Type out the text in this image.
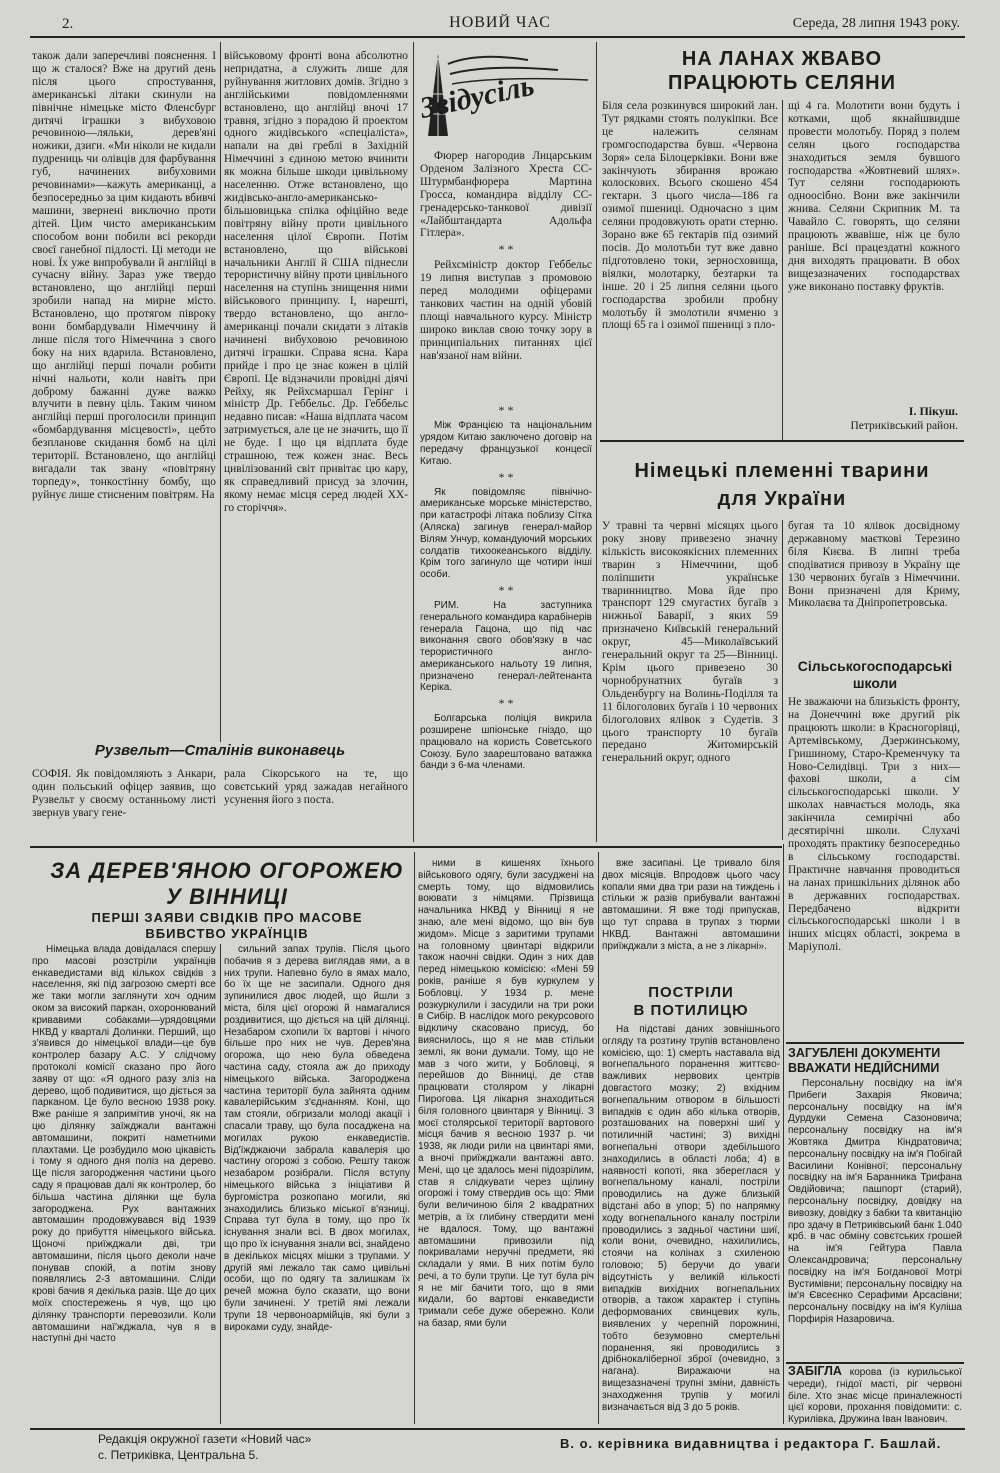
2.	НОВИЙ ЧАС	Середа, 28 липня 1943 року.
також дали заперечливі пояснення. І що ж сталося? Вже на другий день після цього спростування, американські літаки скинули на північне німецьке місто Фленсбург дитячі іграшки з вибуховою речовиною—ляльки, дерев'яні ножики, дзиги. «Ми ніколи не кидали пудрениць чи олівців для фарбування губ, начинених вибуховими речовинами»—кажуть американці, а безпосередньо за цим кидають вбивчі машини, звернені виключно проти дітей. Цим чисто американським способом вони побили всі рекорди своєї ганебної підлості. Ці методи не нові. Їх уже випробували й англійці в сучасну війну. Зараз уже твердо встановлено, що англійці перші зробили напад на мирне місто. Встановлено, що протягом півроку вони бомбардували Німеччину й лише після того Німеччина з свого боку на них вдарила. Встановлено, що англійці перші почали робити нічні нальоти, коли навіть при доброму бажанні дуже важко влучити в певну ціль. Таким чином англійці перші проголосили принцип «бомбардування місцевості», цебто безпланове скидання бомб на цілі території. Встановлено, що англійці вигадали так звану «повітряну торпеду», тонкостінну бомбу, що руйнує лише стисненим повітрям. На
військовому фронті вона абсолютно непридатна, а служить лише для руйнування житлових домів. Згідно з англійськими повідомленнями встановлено, що англійці вночі 17 травня, згідно з порадою й проектом одного жидівського «спеціаліста», напали на дві греблі в Західній Німеччині з єдиною метою вчинити як можна більше шкоди цивільному населенню. Отже встановлено, що жидівсько-англо-американсько-більшовицька спілка офіційно веде повітряну війну проти цивільного населення цілої Європи. Потім встановлено, що військові начальники Англії й США піднесли терористичну війну проти цивільного населення на ступінь знищення ними військового принципу. І, нарешті, твердо встановлено, що англо-американці почали скидати з літаків начинені вибуховою речовиною дитячі іграшки. Справа ясна. Кара прийде і про це знає кожен в цілій Європі. Це відзначили провідні діячі Рейху, як Рейхсмаршал Герінг і міністр Др. Геббельс. Др. Геббельс недавно писав: «Наша відплата часом затримується, але це не значить, що її не буде. І що ця відплата буде страшною, теж кожен знає. Весь цивілізований світ привітає цю кару, як справедливий присуд за злочин, якому немає місця серед людей XX-го сторіччя».
Рузвельт—Сталінів виконавець
СОФІЯ. Як повідомляють з Анкари, один польський офіцер заявив, що Рузвельт у своєму останньому листі звернув увагу гене-
рала Сікорського на те, що совєтський уряд зажадав негайного усунення його з поста.
Звідусіль
Фюрер нагородив Лицарським Орденом Залізного Хреста СС-Штурмбанфюрера Мартина Гросса, командира відділу СС-гренадерсько-танкової дивізії «Лайбштандарта Адольфа Гітлера».
* *
Рейхсміністр доктор Геббельс 19 липня виступав з промовою перед молодими офіцерами танкових частин на одній убовій площі навчального курсу. Міністр широко виклав свою точку зору в принципіальних питаннях цієї нав'язаної нам війни.
* *
Між Францією та національним урядом Китаю заключено договір на передачу французької концесії Китаю.
* *
Як повідомляє північно-американське морське міністерство, при катастрофі літака поблизу Сітка (Аляска) загинув генерал-майор Вілям Унчур, командуючий морських солдатів тихоокеанського відділу. Крім того загинуло ще чотири інші особи.
* *
РИМ. На заступника генерального командира карабінерів генерала Гацона, що під час виконання свого обов'язку в час терористичного англо-американського нальоту 19 липня, призначено генерал-лейтенанта Керіка.
* *
Болгарська поліція викрила розширене шпіонське гніздо, що працювало на користь Советського Союзу. Було заарештовано ватажка банди з 6-ма членами.
НА ЛАНАХ ЖВАВО
ПРАЦЮЮТЬ СЕЛЯНИ
Біля села розкинувся широкий лан. Тут рядками стоять полукіпки. Все це належить селянам громгосподарства бувш. «Червона Зоря» села Білоцерківки. Вони вже закінчують збирання врожаю колоскових. Всього скошено 454 гектари. З цього числа—186 га озимої пшениці. Одночасно з цим селяни продовжують орати стерню. Зорано вже 65 гектарів під озимий посів. До молотьби тут вже давно підготовлено токи, зерносховища, віялки, молотарку, безтарки та інше. 20 і 25 липня селяни цього господарства зробили пробну молотьбу й змолотили ячменю з площі 65 га і озимої пшениці з пло-
щі 4 га. Молотити вони будуть і котками, щоб якнайшвидше провести молотьбу. Поряд з полем селян цього господарства знаходиться земля бувшого господарства «Жовтневий шлях». Тут селяни господарюють одноосібно. Вони вже закінчили жнива. Селяни Скрипник М. та Чавайло С. говорять, що селяни працюють жвавіше, ніж це було раніше. Всі працездатні кожного дня виходять працювати. В обох вищезазначених господарствах уже виконано поставку фруктів.
І. Пікуш.
Петриківський район.
Німецькі племенні тварини
для України
У травні та червні місяцях цього року знову привезено значну кількість високоякісних племенних тварин з Німеччини, щоб поліпшити українське тваринництво. Мова йде про транспорт 129 смугастих бугаїв з нижньої Баварії, з яких 59 призначено Київській генеральний округ, 45—Миколаївський генеральний округ та 25—Вінниці. Крім цього привезено 30 чорнобрунатних бугаїв з Ольденбургу на Волинь-Поділля та 11 білоголових бугаїв і 10 червоних білоголових ялівок з Судетів. З цього транспорту 10 бугаїв передано Житомирській генеральний округ, одного
бугая та 10 ялівок досвідному державному маєткові Терезино біля Києва. В липні треба сподіватися привозу в Україну ще 130 червоних бугаїв з Німеччини. Вони призначені для Криму, Миколаєва та Дніпропетровська.
Сільськогосподарські школи
Не зважаючи на близькість фронту, на Донеччині вже другий рік працюють школи: в Красногорівці, Артемівському, Дзержинському, Гришиному, Старо-Кременчуку та Ново-Селидівці. Три з них—фахові школи, а сім сільськогосподарські школи. У школах навчається молодь, яка закінчила семирічні або десятирічні школи. Слухачі проходять практику безпосередньо в сільському господарстві. Практичне навчання проводиться на ланах пришкільних ділянок або в державних господарствах. Передбачено відкрити сільськогосподарські школи і в інших місцях області, зокрема в Маріуполі.
ЗА ДЕРЕВ'ЯНОЮ ОГОРОЖЕЮ
У ВІННИЦІ
ПЕРШІ ЗАЯВИ СВІДКІВ ПРО МАСОВЕ
ВБИВСТВО УКРАЇНЦІВ
Німецька влада довідалася спершу про масові розстріли українців енкаведистами від кількох свідків з населення, які під загрозою смерті все же таки могли заглянути хоч одним оком за високий паркан, охоронюваний кривавими собаками—урядовцями НКВД у кварталі Долинки. Перший, що з'явився до німецької влади—це був контролер базару А.С. У слідчому протоколі комісії сказано про його заяву от що: «Я одного разу зліз на дерево, щоб подивитися, що діється за парканом. Це було весною 1938 року. Вже раніше я запримітив уночі, як на цю ділянку заїжджали вантажні автомашини, покриті наметними плахтами. Це розбудило мою цікавість і тому я одного дня поліз на дерево. Ще після загородження частини цього саду я працював далі як контролер, бо більша частина ділянки ще була загороджена. Рух вантажних автомашин продовжувався від 1939 року до прибуття німецького війська. Щоночі приїжджали дві, три автомашини, після цього деколи наче понував спокій, а потім знову появлялись 2-3 автомашини. Сліди крові бачив я декілька разів. Ще до цих моїх спостережень я чув, що цю ділянку транспорти перевозили. Коли автомашини наї'жджала, чув я в наступні дні часто
сильний запах трупів. Після цього побачив я з дерева виглядав ями, а в них трупи. Напевно було в ямах мало, бо їх ще не засипали. Одного дня зупинилися двоє людей, що йшли з міста, біля цієї огорожі й намагалися роздивитися, що діється на цій ділянці. Незабаром схопили їх вартові і нічого більше про них не чув. Дерев'яна огорожа, що нею була обведена частина саду, стояла аж до приходу німецького війська. Загороджена частина території була зайнята одним кавалерійським з'єднанням. Коні, що там стояли, обгризали молоді акації і спасали траву, що була посаджена на могилах рукою енкаведистів. Від'їжджаючи забрала кавалерія цю частину огорожі з собою. Решту також незабаром розібрали. Після вступу німецького війська з ініціативи й бургомістра розкопано могили, які знаходились близько міської в'язниці. Справа тут була в тому, що про їх існування знали всі. В двох могилах, що про їх існування знали всі, знайдено в декількох місцях мішки з трупами. У другій ямі лежало так само цивільні особи, що по одягу та залишкам їх речей можна було сказати, що вони були зачинені. У третій ямі лежали трупи 18 червоноармійців, які були з вироками суду, знайде-
ними в кишенях їхнього військового одягу, були засуджені на смерть тому, що відмовились воювати з німцями. Прізвища начальника НКВД у Вінниці я не знаю, але мені відомо, що він був жидом». Місце з заритими трупами на головному цвинтарі відкрили також наочні свідки. Один з них дав перед німецькою комісією: «Мені 59 років, раніше я був куркулем у Бобловці. У 1934 р. мене розкуркулили і засудили на три роки в Сибір. В наслідок мого рекурсового відкличу скасовано присуд, бо вияснилось, що я не мав стільки землі, як вони думали. Тому, що не мав з чого жити, у Бобловці, я перейшов до Вінниці, де став працювати столяром у лікарні Пирогова. Ця лікарня знаходиться біля головного цвинтаря у Вінниці. З моєї столярської території вартового місця бачив я весною 1937 р. чи 1938, як люди рили на цвинтарі ями, а вночі приїжджали вантажні авто. Мені, що це здалось мені підозрілим, став я слідкувати через щілину огорожі і тому ствердив ось що: Ями були величиною біля 2 квадратних метрів, а їх глибину ствердити мені не вдалося. Тому, що вантажні автомашини привозили під покривалами неручні предмети, які складали у ями. В них потім було речі, а то були трупи. Це тут була річ я не міг бачити того, що в ями кидали, бо вартові енкаведисти тримали себе дуже обережно. Коли на базар, ями були
вже засипані. Це тривало біля двох місяців. Впродовж цього часу копали ями два три рази на тиждень і стільки ж разів прибували вантажні автомашини. Я вже тоді припускав, що тут справа в трупах з тюрми НКВД. Вантажні автомашини приїжджали з міста, а не з лікарні».
ПОСТРІЛИ
В ПОТИЛИЦЮ
На підставі даних зовнішнього огляду та розтину трупів встановлено комісією, що: 1) смерть наставала від вогнепального поранення життєво-важливих нервових центрів довгастого мозку; 2) вхідним вогнепальним отвором в більшості випадків є один або кілька отворів, розташованих на поверхні шиї у потиличній частині; 3) вихідні вогнепальні отвори здебільшого знаходились в області лоба; 4) в наявності копоті, яка збереглася у вогнепальному каналі, постріли проводились на дуже близькій відстані або в упор; 5) по напрямку ходу вогнепального каналу постріли проводились з задньої частини шиї, коли вони, очевидно, нахилились, стоячи на колінах з схиленою головою; 5) беручи до уваги відсутність у великій кількості випадків вихідних вогнепальних отворів, а також характер і ступінь деформованих свинцевих куль, виявлених у черепній порожнині, тобто безумовно смертельні поранення, які проводились з дрібнокаліберної зброї (очевидно, з нагана). Виражаючи на вищезазначені трупні зміни, давність знаходження трупів у могилі визначається від 3 до 5 років.
ЗАГУБЛЕНІ ДОКУМЕНТИ
ВВАЖАТИ НЕДІЙСНИМИ
Персональну посвідку на ім'я Прибеги Захарія Яковича; персональну посвідку на ім'я Дурдуки Семена Сазоновича; персональну посвідку на ім'я Жовтяка Дмитра Кіндратовича; персональну посвідку на ім'я Побігай Василини Конівної; персональну посвідку на ім'я Баранника Трифана Овдійовича; пашпорт (старий), персональну посвідку, довідку на вивозку, довідку з бабки та квитанцію про здачу в Петриківський банк 1.040 крб. в час обміну совєтських грошей на ім'я Гейтура Павла Олександровича; персональну посвідку на ім'я Богданової Мотрі Вустимівни; персональну посвідку на ім'я Євсеєнко Серафими Арсасівни; персональну посвідку на ім'я Куліша Порфирія Назаровича.
ЗАБІГЛА корова (із курильської череди), гнідої масті, ріг червоні біле. Хто знає місце приналежності цієї корови, прохання повідомити: с. Курилівка, Дружина Іван Іванович.
Редакція окружної газети «Новий час»
с. Петриківка, Центральна 5.
В. о. керівника видавництва і редактора Г. Башлай.
